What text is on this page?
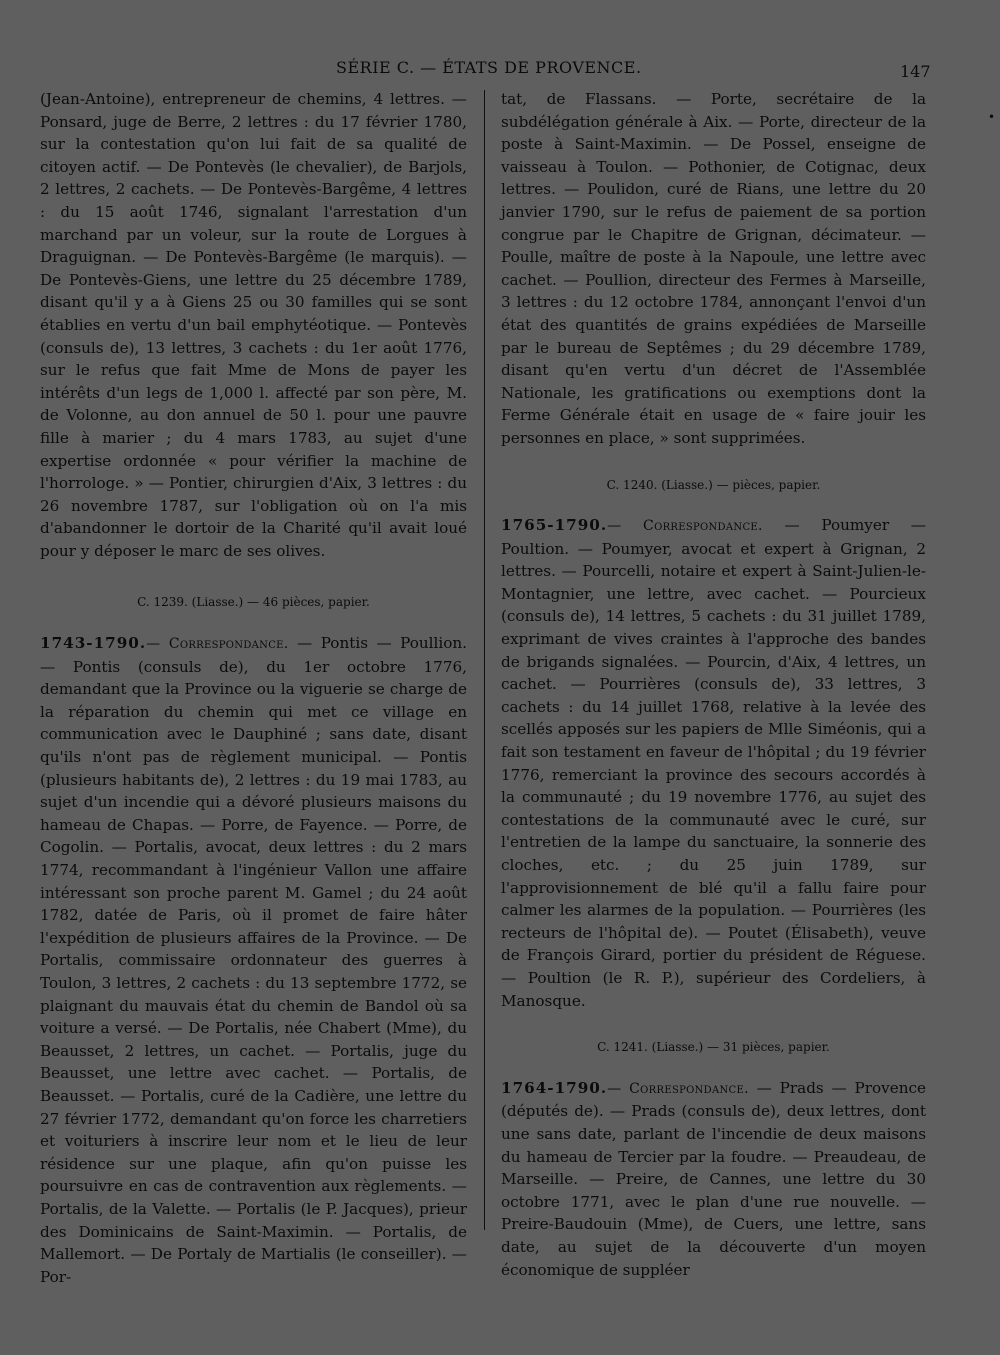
SÉRIE C. — ÉTATS DE PROVENCE.	147

(Jean-Antoine), entrepreneur de chemins, 4 lettres. — Ponsard, juge de Berre, 2 lettres : du 17 février 1780, sur la contestation qu'on lui fait de sa qualité de citoyen actif. — De Pontevès (le chevalier), de Barjols, 2 lettres, 2 cachets. — De Pontevès-Bargême, 4 lettres : du 15 août 1746, signalant l'arrestation d'un marchand par un voleur, sur la route de Lorgues à Draguignan. — De Pontevès-Bargême (le marquis). — De Pontevès-Giens, une lettre du 25 décembre 1789, disant qu'il y a à Giens 25 ou 30 familles qui se sont établies en vertu d'un bail emphytéotique. — Pontevès (consuls de), 13 lettres, 3 cachets : du 1er août 1776, sur le refus que fait Mme de Mons de payer les intérêts d'un legs de 1,000 l. affecté par son père, M. de Volonne, au don annuel de 50 l. pour une pauvre fille à marier ; du 4 mars 1783, au sujet d'une expertise ordonnée « pour vérifier la machine de l'horrologe. » — Pontier, chirurgien d'Aix, 3 lettres : du 26 novembre 1787, sur l'obligation où on l'a mis d'abandonner le dortoir de la Charité qu'il avait loué pour y déposer le marc de ses olives.

C. 1239. (Liasse.) — 46 pièces, papier.

1743-1790.— Correspondance. — Pontis — Poullion. — Pontis (consuls de), du 1er octobre 1776, demandant que la Province ou la viguerie se charge de la réparation du chemin qui met ce village en communication avec le Dauphiné ; sans date, disant qu'ils n'ont pas de règlement municipal. — Pontis (plusieurs habitants de), 2 lettres : du 19 mai 1783, au sujet d'un incendie qui a dévoré plusieurs maisons du hameau de Chapas. — Porre, de Fayence. — Porre, de Cogolin. — Portalis, avocat, deux lettres : du 2 mars 1774, recommandant à l'ingénieur Vallon une affaire intéressant son proche parent M. Gamel ; du 24 août 1782, datée de Paris, où il promet de faire hâter l'expédition de plusieurs affaires de la Province. — De Portalis, commissaire ordonnateur des guerres à Toulon, 3 lettres, 2 cachets : du 13 septembre 1772, se plaignant du mauvais état du chemin de Bandol où sa voiture a versé. — De Portalis, née Chabert (Mme), du Beausset, 2 lettres, un cachet. — Portalis, juge du Beausset, une lettre avec cachet. — Portalis, de Beausset. — Portalis, curé de la Cadière, une lettre du 27 février 1772, demandant qu'on force les charretiers et voituriers à inscrire leur nom et le lieu de leur résidence sur une plaque, afin qu'on puisse les poursuivre en cas de contravention aux règlements. — Portalis, de la Valette. — Portalis (le P. Jacques), prieur des Dominicains de Saint-Maximin. — Portalis, de Mallemort. — De Portaly de Martialis (le conseiller). — Por-

tat, de Flassans. — Porte, secrétaire de la subdélégation générale à Aix. — Porte, directeur de la poste à Saint-Maximin. — De Possel, enseigne de vaisseau à Toulon. — Pothonier, de Cotignac, deux lettres. — Poulidon, curé de Rians, une lettre du 20 janvier 1790, sur le refus de paiement de sa portion congrue par le Chapitre de Grignan, décimateur. — Poulle, maître de poste à la Napoule, une lettre avec cachet. — Poullion, directeur des Fermes à Marseille, 3 lettres : du 12 octobre 1784, annonçant l'envoi d'un état des quantités de grains expédiées de Marseille par le bureau de Septêmes ; du 29 décembre 1789, disant qu'en vertu d'un décret de l'Assemblée Nationale, les gratifications ou exemptions dont la Ferme Générale était en usage de « faire jouir les personnes en place, » sont supprimées.

C. 1240. (Liasse.) — pièces, papier.

1765-1790.— Correspondance. — Poumyer — Poultion. — Poumyer, avocat et expert à Grignan, 2 lettres. — Pourcelli, notaire et expert à Saint-Julien-le-Montagnier, une lettre, avec cachet. — Pourcieux (consuls de), 14 lettres, 5 cachets : du 31 juillet 1789, exprimant de vives craintes à l'approche des bandes de brigands signalées. — Pourcin, d'Aix, 4 lettres, un cachet. — Pourrières (consuls de), 33 lettres, 3 cachets : du 14 juillet 1768, relative à la levée des scellés apposés sur les papiers de Mlle Siméonis, qui a fait son testament en faveur de l'hôpital ; du 19 février 1776, remerciant la province des secours accordés à la communauté ; du 19 novembre 1776, au sujet des contestations de la communauté avec le curé, sur l'entretien de la lampe du sanctuaire, la sonnerie des cloches, etc. ; du 25 juin 1789, sur l'approvisionnement de blé qu'il a fallu faire pour calmer les alarmes de la population. — Pourrières (les recteurs de l'hôpital de). — Poutet (Élisabeth), veuve de François Girard, portier du président de Réguese. — Poultion (le R. P.), supérieur des Cordeliers, à Manosque.

C. 1241. (Liasse.) — 31 pièces, papier.

1764-1790.— Correspondance. — Prads — Provence (députés de). — Prads (consuls de), deux lettres, dont une sans date, parlant de l'incendie de deux maisons du hameau de Tercier par la foudre. — Preaudeau, de Marseille. — Preire, de Cannes, une lettre du 30 octobre 1771, avec le plan d'une rue nouvelle. — Preire-Baudouin (Mme), de Cuers, une lettre, sans date, au sujet de la découverte d'un moyen économique de suppléer

•
